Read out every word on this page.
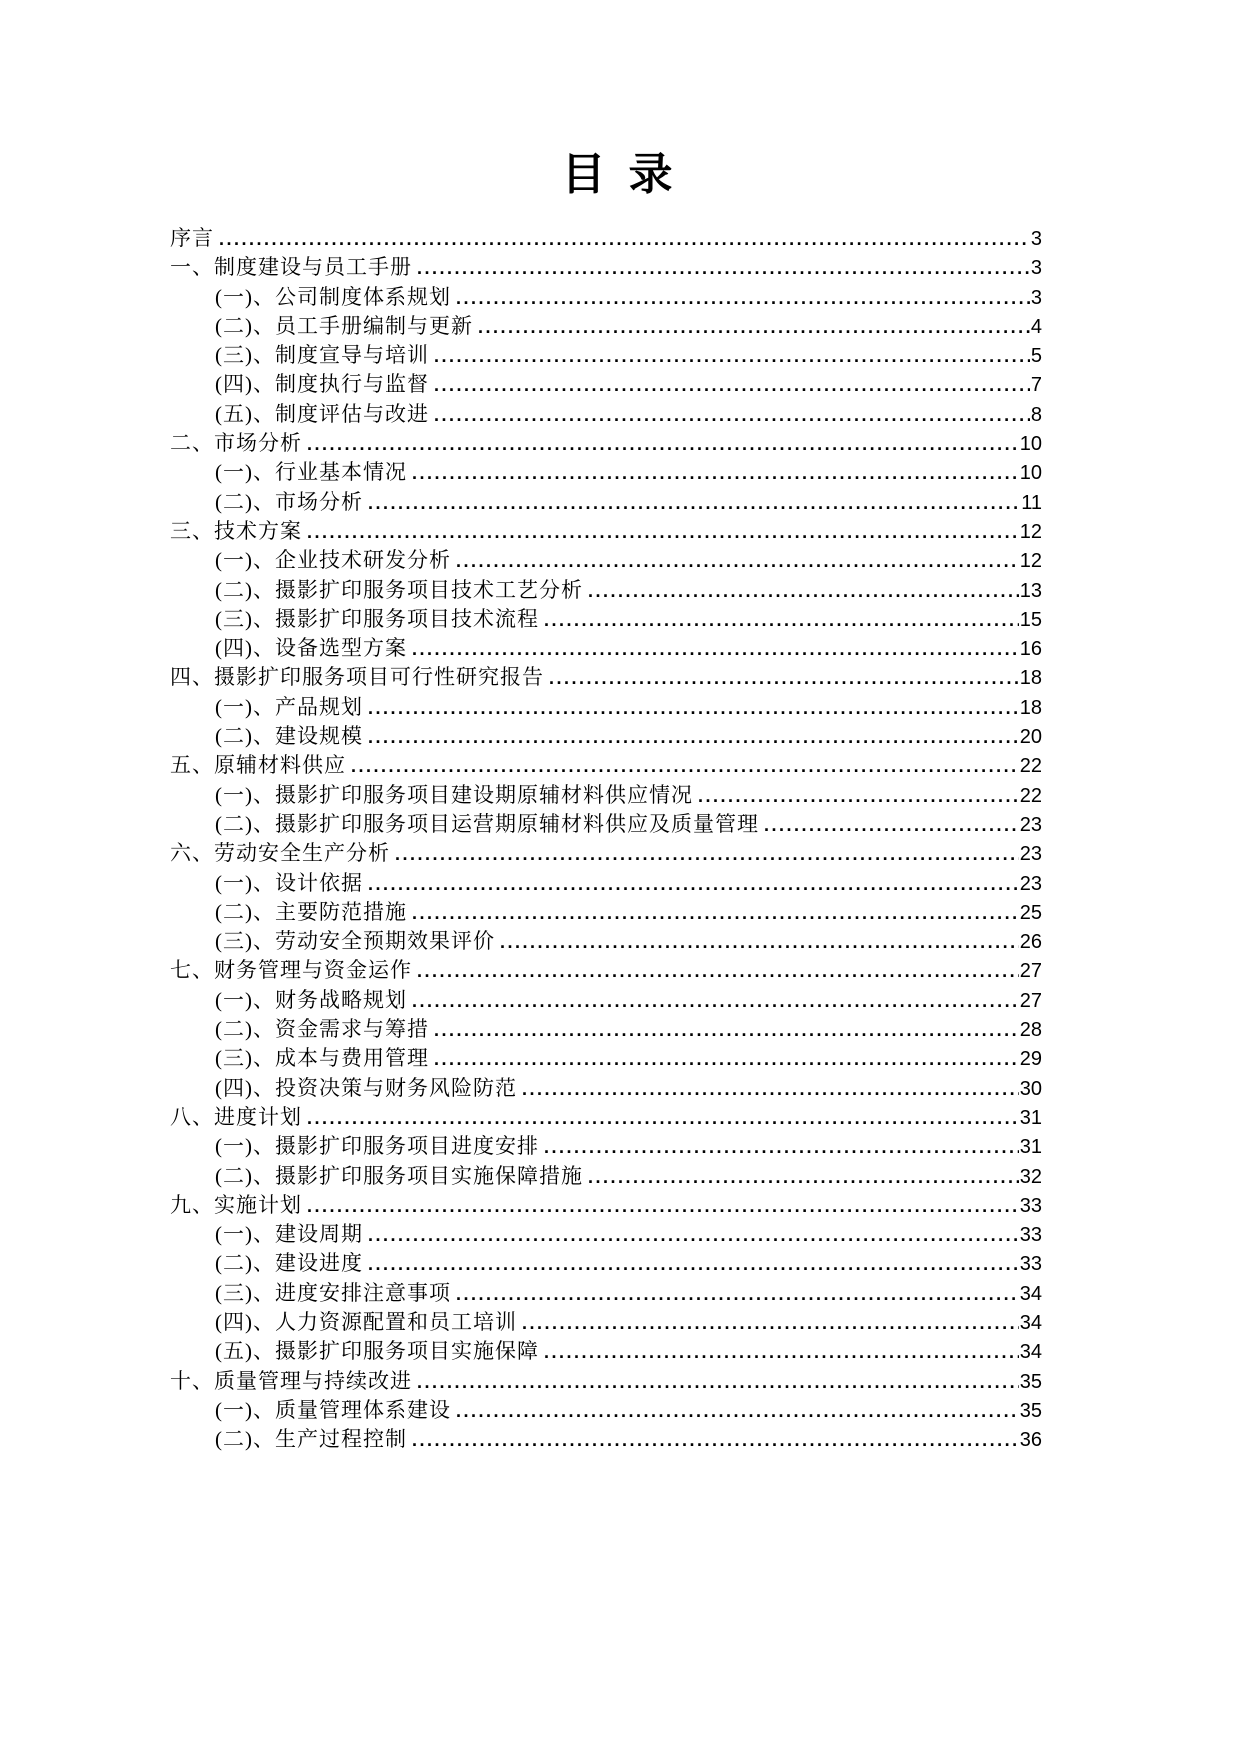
目 录
序言 .....	3
一、制度建设与员工手册 .....	3
(一)、公司制度体系规划 .....	3
(二)、员工手册编制与更新 .....	4
(三)、制度宣导与培训 .....	5
(四)、制度执行与监督 .....	7
(五)、制度评估与改进 .....	8
二、市场分析 .....	10
(一)、行业基本情况 .....	10
(二)、市场分析 .....	11
三、技术方案 .....	12
(一)、企业技术研发分析 .....	12
(二)、摄影扩印服务项目技术工艺分析 .....	13
(三)、摄影扩印服务项目技术流程 .....	15
(四)、设备选型方案 .....	16
四、摄影扩印服务项目可行性研究报告 .....	18
(一)、产品规划 .....	18
(二)、建设规模 .....	20
五、原辅材料供应 .....	22
(一)、摄影扩印服务项目建设期原辅材料供应情况 .....	22
(二)、摄影扩印服务项目运营期原辅材料供应及质量管理 .....	23
六、劳动安全生产分析 .....	23
(一)、设计依据 .....	23
(二)、主要防范措施 .....	25
(三)、劳动安全预期效果评价 .....	26
七、财务管理与资金运作 .....	27
(一)、财务战略规划 .....	27
(二)、资金需求与筹措 .....	28
(三)、成本与费用管理 .....	29
(四)、投资决策与财务风险防范 .....	30
八、进度计划 .....	31
(一)、摄影扩印服务项目进度安排 .....	31
(二)、摄影扩印服务项目实施保障措施 .....	32
九、实施计划 .....	33
(一)、建设周期 .....	33
(二)、建设进度 .....	33
(三)、进度安排注意事项 .....	34
(四)、人力资源配置和员工培训 .....	34
(五)、摄影扩印服务项目实施保障 .....	34
十、质量管理与持续改进 .....	35
(一)、质量管理体系建设 .....	35
(二)、生产过程控制 .....	36
